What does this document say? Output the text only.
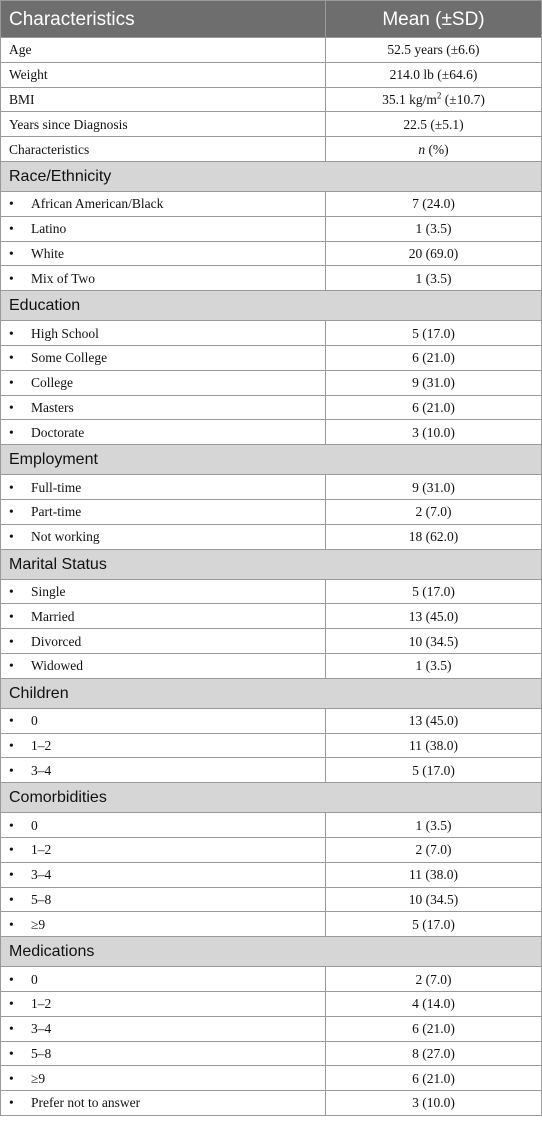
Characteristics	Mean (±SD)
Age	52.5 years (±6.6)
Weight	214.0 lb (±64.6)
BMI	35.1 $kg/m^2$ (±10.7)
Years since Diagnosis	22.5 (±5.1)
Characteristics	n (%)
Race/Ethnicity	
• African American/Black	7 (24.0)
• Latino	1 (3.5)
• White	20 (69.0)
• Mix of Two	1 (3.5)
Education	
• High School	5 (17.0)
• Some College	6 (21.0)
• College	9 (31.0)
• Masters	6 (21.0)
• Doctorate	3 (10.0)
Employment	
• Full-time	9 (31.0)
• Part-time	2 (7.0)
• Not working	18 (62.0)
Marital Status	
• Single	5 (17.0)
• Married	13 (45.0)
• Divorced	10 (34.5)
• Widowed	1 (3.5)
Children	
• 0	13 (45.0)
• 1–2	11 (38.0)
• 3–4	5 (17.0)
Comorbidities	
• 0	1 (3.5)
• 1–2	2 (7.0)
• 3–4	11 (38.0)
• 5–8	10 (34.5)
• ≥9	5 (17.0)
Medications	
• 0	2 (7.0)
• 1–2	4 (14.0)
• 3–4	6 (21.0)
• 5–8	8 (27.0)
• ≥9	6 (21.0)
• Prefer not to answer	3 (10.0)
